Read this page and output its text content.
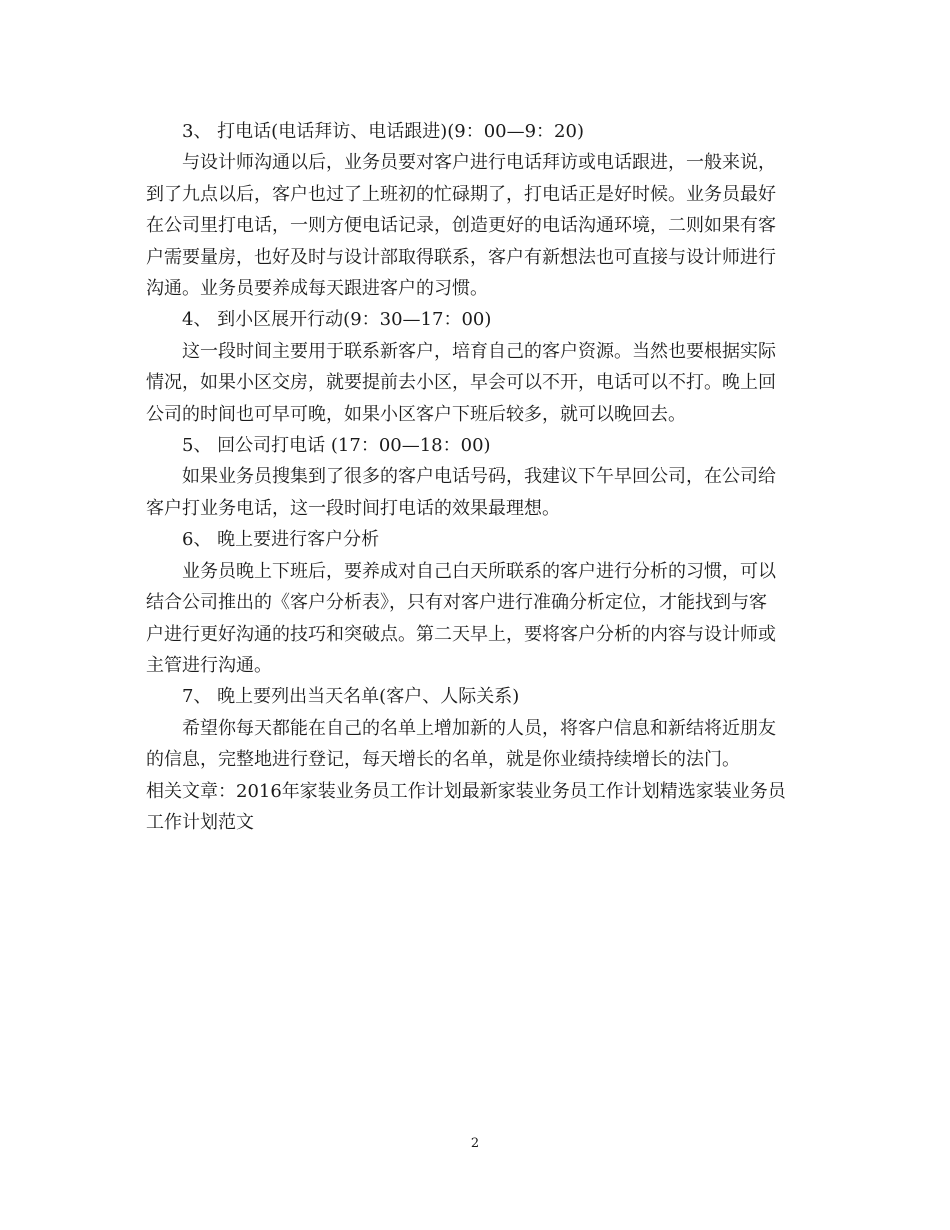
3、 打电话(电话拜访、电话跟进)(9：00—9：20)

与设计师沟通以后，业务员要对客户进行电话拜访或电话跟进，一般来说，

到了九点以后，客户也过了上班初的忙碌期了，打电话正是好时候。业务员最好

在公司里打电话，一则方便电话记录，创造更好的电话沟通环境，二则如果有客

户需要量房，也好及时与设计部取得联系，客户有新想法也可直接与设计师进行

沟通。业务员要养成每天跟进客户的习惯。

4、 到小区展开行动(9：30—17：00)

这一段时间主要用于联系新客户，培育自己的客户资源。当然也要根据实际

情况，如果小区交房，就要提前去小区，早会可以不开，电话可以不打。晚上回

公司的时间也可早可晚，如果小区客户下班后较多，就可以晚回去。

5、 回公司打电话 (17：00—18：00)

如果业务员搜集到了很多的客户电话号码，我建议下午早回公司，在公司给

客户打业务电话，这一段时间打电话的效果最理想。

6、 晚上要进行客户分析

业务员晚上下班后，要养成对自己白天所联系的客户进行分析的习惯，可以

结合公司推出的《客户分析表》，只有对客户进行准确分析定位，才能找到与客

户进行更好沟通的技巧和突破点。第二天早上，要将客户分析的内容与设计师或

主管进行沟通。

7、 晚上要列出当天名单(客户、人际关系)

希望你每天都能在自己的名单上增加新的人员，将客户信息和新结将近朋友

的信息，完整地进行登记，每天增长的名单，就是你业绩持续增长的法门。

相关文章：2016年家装业务员工作计划最新家装业务员工作计划精选家装业务员

工作计划范文

2
